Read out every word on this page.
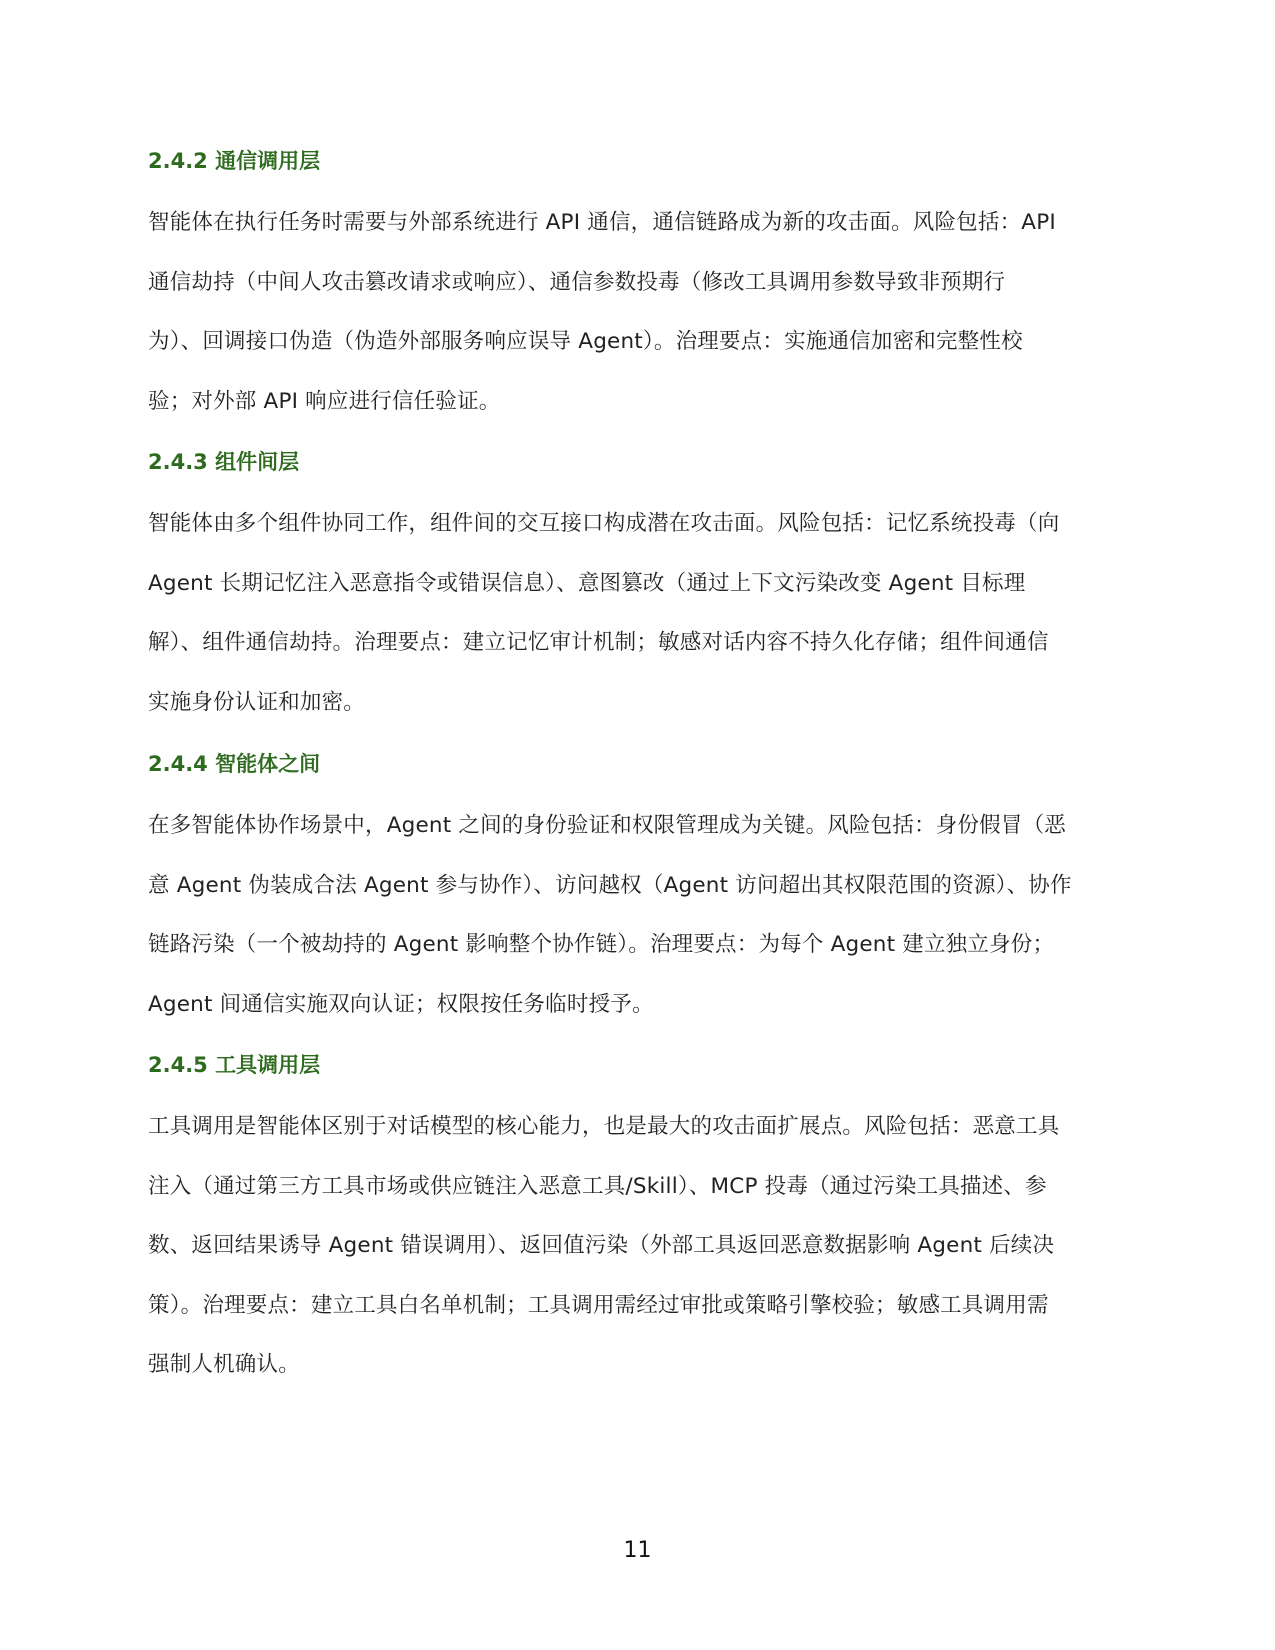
2.4.2 通信调用层

智能体在执行任务时需要与外部系统进行 API 通信，通信链路成为新的攻击面。风险包括：API
通信劫持（中间人攻击篡改请求或响应）、通信参数投毒（修改工具调用参数导致非预期行
为）、回调接口伪造（伪造外部服务响应误导 Agent）。治理要点：实施通信加密和完整性校
验；对外部 API 响应进行信任验证。

2.4.3 组件间层

智能体由多个组件协同工作，组件间的交互接口构成潜在攻击面。风险包括：记忆系统投毒（向
Agent 长期记忆注入恶意指令或错误信息）、意图篡改（通过上下文污染改变 Agent 目标理
解）、组件通信劫持。治理要点：建立记忆审计机制；敏感对话内容不持久化存储；组件间通信
实施身份认证和加密。

2.4.4 智能体之间

在多智能体协作场景中，Agent 之间的身份验证和权限管理成为关键。风险包括：身份假冒（恶
意 Agent 伪装成合法 Agent 参与协作）、访问越权（Agent 访问超出其权限范围的资源）、协作
链路污染（一个被劫持的 Agent 影响整个协作链）。治理要点：为每个 Agent 建立独立身份；
Agent 间通信实施双向认证；权限按任务临时授予。

2.4.5 工具调用层

工具调用是智能体区别于对话模型的核心能力，也是最大的攻击面扩展点。风险包括：恶意工具
注入（通过第三方工具市场或供应链注入恶意工具/Skill）、MCP 投毒（通过污染工具描述、参
数、返回结果诱导 Agent 错误调用）、返回值污染（外部工具返回恶意数据影响 Agent 后续决
策）。治理要点：建立工具白名单机制；工具调用需经过审批或策略引擎校验；敏感工具调用需
强制人机确认。

11
